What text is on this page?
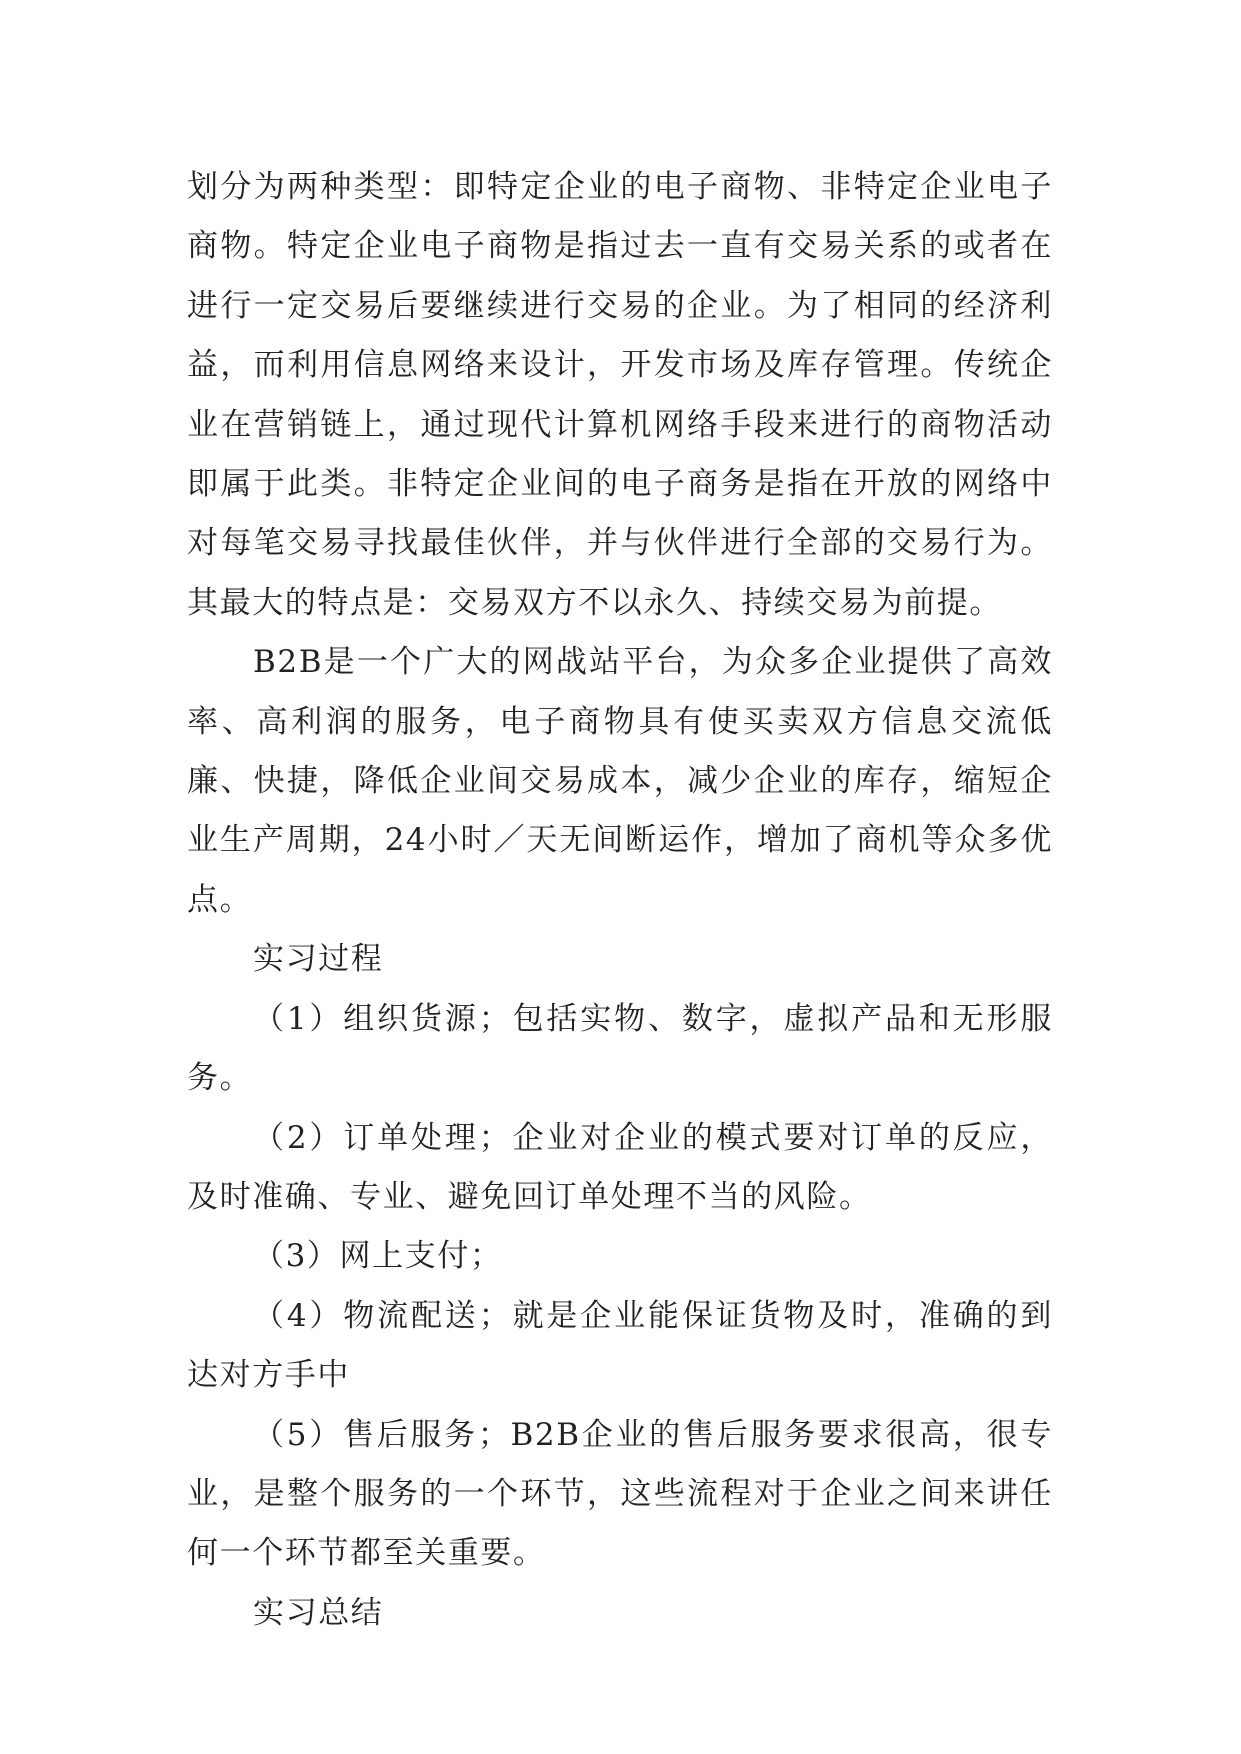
划分为两种类型：即特定企业的电子商物、非特定企业电子商物。特定企业电子商物是指过去一直有交易关系的或者在进行一定交易后要继续进行交易的企业。为了相同的经济利益，而利用信息网络来设计，开发市场及库存管理。传统企业在营销链上，通过现代计算机网络手段来进行的商物活动即属于此类。非特定企业间的电子商务是指在开放的网络中对每笔交易寻找最佳伙伴，并与伙伴进行全部的交易行为。其最大的特点是：交易双方不以永久、持续交易为前提。

B2B是一个广大的网战站平台，为众多企业提供了高效率、高利润的服务，电子商物具有使买卖双方信息交流低廉、快捷，降低企业间交易成本，减少企业的库存，缩短企业生产周期，24小时／天无间断运作，增加了商机等众多优点。

实习过程

（1）组织货源；包括实物、数字，虚拟产品和无形服务。

（2）订单处理；企业对企业的模式要对订单的反应，及时准确、专业、避免回订单处理不当的风险。

（3）网上支付；

（4）物流配送；就是企业能保证货物及时，准确的到达对方手中

（5）售后服务；B2B企业的售后服务要求很高，很专业，是整个服务的一个环节，这些流程对于企业之间来讲任何一个环节都至关重要。

实习总结
